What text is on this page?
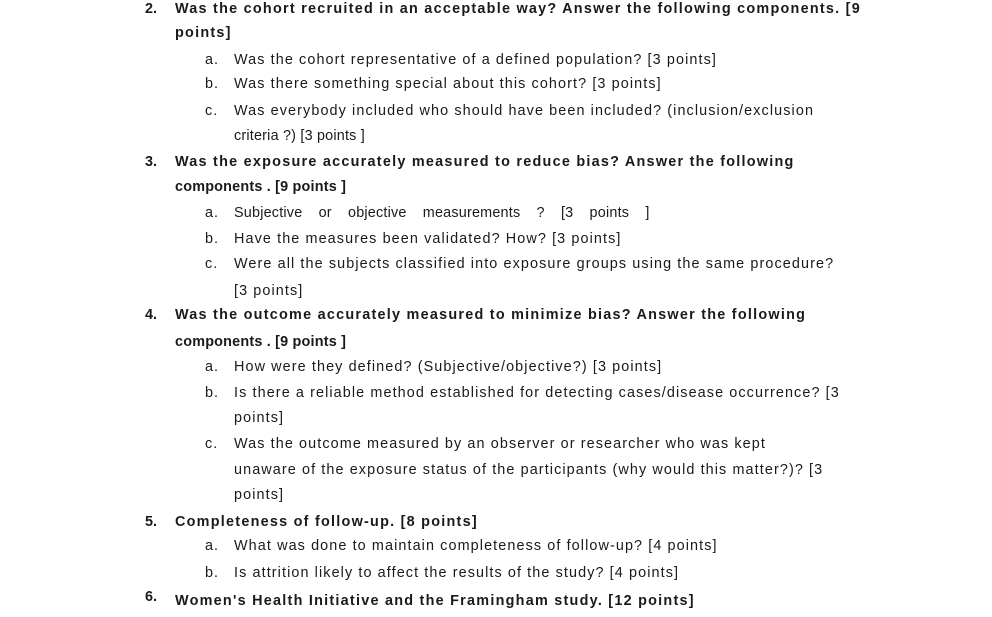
2. Was the cohort recruited in an acceptable way? Answer the following components. [9
points]
a. Was the cohort representative of a defined population? [3 points]
b. Was there something special about this cohort? [3 points]
c. Was everybody included who should have been included? (inclusion/exclusion
criteria ?) [3 points ]
3. Was the exposure accurately measured to reduce bias? Answer the following
components . [9 points ]
a. Subjective or objective measurements ? [3 points ]
b. Have the measures been validated? How? [3 points]
c. Were all the subjects classified into exposure groups using the same procedure?
[3 points]
4. Was the outcome accurately measured to minimize bias? Answer the following
components . [9 points ]
a. How were they defined? (Subjective/objective?) [3 points]
b. Is there a reliable method established for detecting cases/disease occurrence? [3
points]
c. Was the outcome measured by an observer or researcher who was kept
unaware of the exposure status of the participants (why would this matter?)? [3
points]
5. Completeness of follow-up. [8 points]
a. What was done to maintain completeness of follow-up? [4 points]
b. Is attrition likely to affect the results of the study? [4 points]
6. Women's Health Initiative and the Framingham study. [12 points]
